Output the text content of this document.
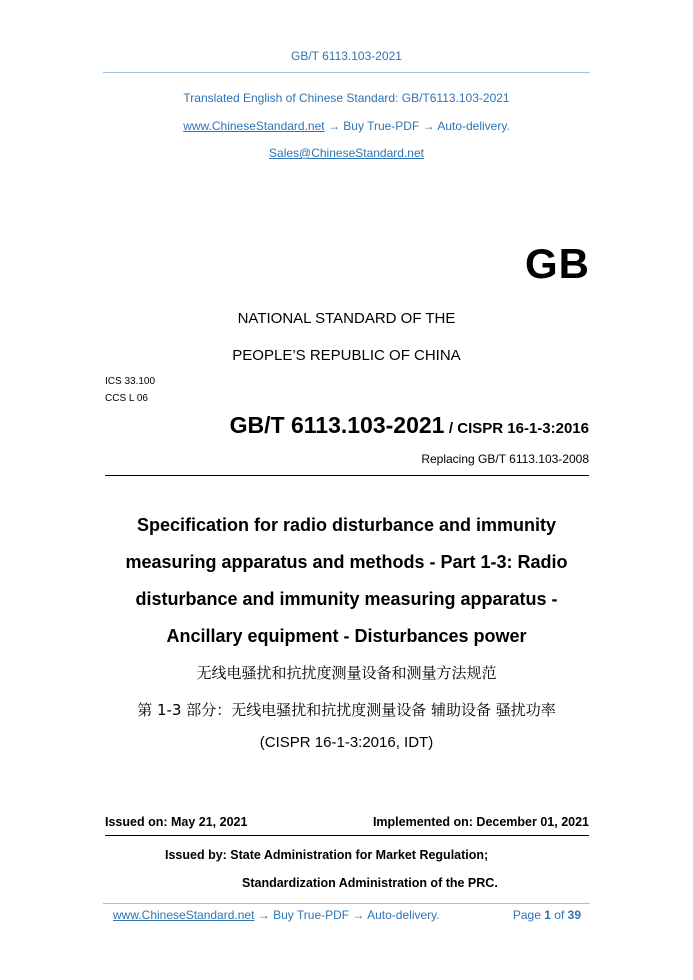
GB/T 6113.103-2021
Translated English of Chinese Standard: GB/T6113.103-2021
www.ChineseStandard.net → Buy True-PDF → Auto-delivery.
Sales@ChineseStandard.net
GB
NATIONAL STANDARD OF THE
PEOPLE’S REPUBLIC OF CHINA
ICS 33.100
CCS L 06
GB/T 6113.103-2021 / CISPR 16-1-3:2016
Replacing GB/T 6113.103-2008
Specification for radio disturbance and immunity
measuring apparatus and methods - Part 1-3: Radio
disturbance and immunity measuring apparatus -
Ancillary equipment - Disturbances power
无线电骚扰和抗扰度测量设备和测量方法规范
第 1-3 部分：无线电骚扰和抗扰度测量设备 辅助设备 骚扰功率
(CISPR 16-1-3:2016, IDT)
Issued on: May 21, 2021	Implemented on: December 01, 2021
Issued by: State Administration for Market Regulation;
Standardization Administration of the PRC.
www.ChineseStandard.net → Buy True-PDF → Auto-delivery.	Page 1 of 39
